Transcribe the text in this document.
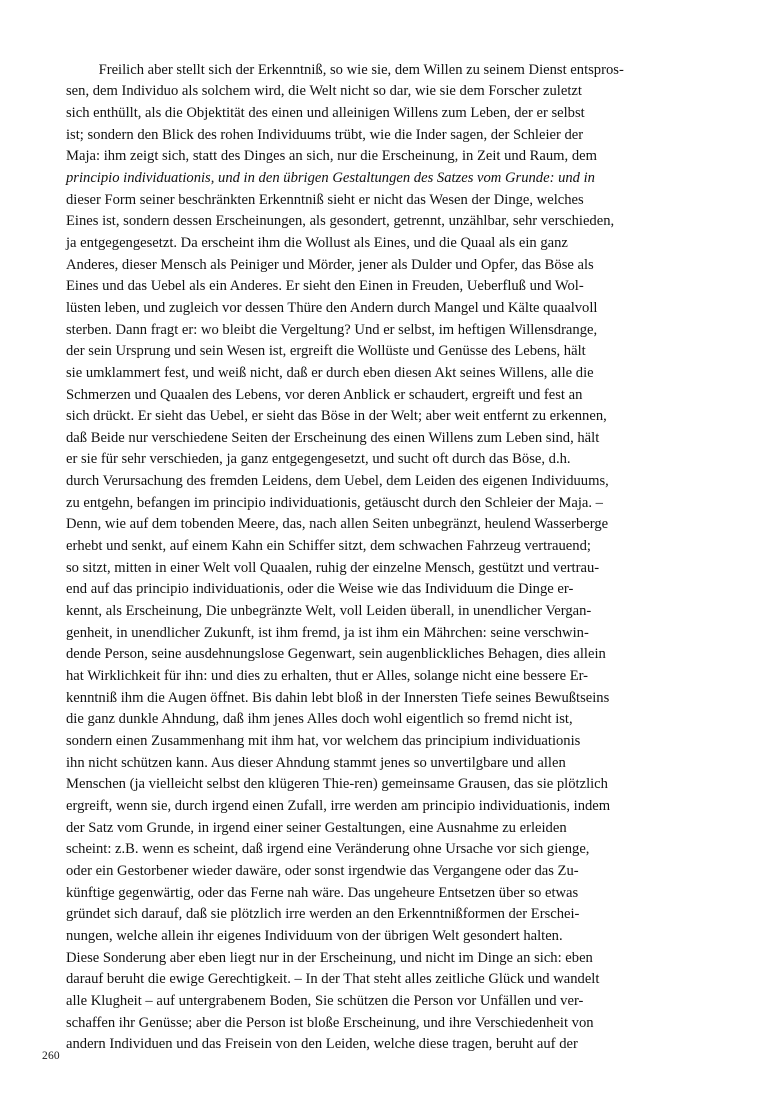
Freilich aber stellt sich der Erkenntniß, so wie sie, dem Willen zu seinem Dienst entspros-
sen, dem Individuo als solchem wird, die Welt nicht so dar, wie sie dem Forscher zuletzt
sich enthüllt, als die Objektität des einen und alleinigen Willens zum Leben, der er selbst
ist; sondern den Blick des rohen Individuums trübt, wie die Inder sagen, der Schleier der
Maja: ihm zeigt sich, statt des Dinges an sich, nur die Erscheinung, in Zeit und Raum, dem
principio individuationis, und in den übrigen Gestaltungen des Satzes vom Grunde: und in
dieser Form seiner beschränkten Erkenntniß sieht er nicht das Wesen der Dinge, welches
Eines ist, sondern dessen Erscheinungen, als gesondert, getrennt, unzählbar, sehr verschieden,
ja entgegengesetzt. Da erscheint ihm die Wollust als Eines, und die Quaal als ein ganz
Anderes, dieser Mensch als Peiniger und Mörder, jener als Dulder und Opfer, das Böse als
Eines und das Uebel als ein Anderes. Er sieht den Einen in Freuden, Ueberfluß und Wol-
lüsten leben, und zugleich vor dessen Thüre den Andern durch Mangel und Kälte quaalvoll
sterben. Dann fragt er: wo bleibt die Vergeltung? Und er selbst, im heftigen Willensdrange,
der sein Ursprung und sein Wesen ist, ergreift die Wollüste und Genüsse des Lebens, hält
sie umklammert fest, und weiß nicht, daß er durch eben diesen Akt seines Willens, alle die
Schmerzen und Quaalen des Lebens, vor deren Anblick er schaudert, ergreift und fest an
sich drückt. Er sieht das Uebel, er sieht das Böse in der Welt; aber weit entfernt zu erkennen,
daß Beide nur verschiedene Seiten der Erscheinung des einen Willens zum Leben sind, hält
er sie für sehr verschieden, ja ganz entgegengesetzt, und sucht oft durch das Böse, d.h.
durch Verursachung des fremden Leidens, dem Uebel, dem Leiden des eigenen Individuums,
zu entgehn, befangen im principio individuationis, getäuscht durch den Schleier der Maja. –
Denn, wie auf dem tobenden Meere, das, nach allen Seiten unbegränzt, heulend Wasserberge
erhebt und senkt, auf einem Kahn ein Schiffer sitzt, dem schwachen Fahrzeug vertrauend;
so sitzt, mitten in einer Welt voll Quaalen, ruhig der einzelne Mensch, gestützt und vertrau-
end auf das principio individuationis, oder die Weise wie das Individuum die Dinge er-
kennt, als Erscheinung, Die unbegränzte Welt, voll Leiden überall, in unendlicher Vergan-
genheit, in unendlicher Zukunft, ist ihm fremd, ja ist ihm ein Mährchen: seine verschwin-
dende Person, seine ausdehnungslose Gegenwart, sein augenblickliches Behagen, dies allein
hat Wirklichkeit für ihn: und dies zu erhalten, thut er Alles, solange nicht eine bessere Er-
kenntniß ihm die Augen öffnet. Bis dahin lebt bloß in der Innersten Tiefe seines Bewußtseins
die ganz dunkle Ahndung, daß ihm jenes Alles doch wohl eigentlich so fremd nicht ist,
sondern einen Zusammenhang mit ihm hat, vor welchem das principium individuationis
ihn nicht schützen kann. Aus dieser Ahndung stammt jenes so unvertilgbare und allen
Menschen (ja vielleicht selbst den klügeren Thie-ren) gemeinsame Grausen, das sie plötzlich
ergreift, wenn sie, durch irgend einen Zufall, irre werden am principio individuationis, indem
der Satz vom Grunde, in irgend einer seiner Gestaltungen, eine Ausnahme zu erleiden
scheint: z.B. wenn es scheint, daß irgend eine Veränderung ohne Ursache vor sich gienge,
oder ein Gestorbener wieder dawäre, oder sonst irgendwie das Vergangene oder das Zu-
künftige gegenwärtig, oder das Ferne nah wäre. Das ungeheure Entsetzen über so etwas
gründet sich darauf, daß sie plötzlich irre werden an den Erkenntnißformen der Erschei-
nungen, welche allein ihr eigenes Individuum von der übrigen Welt gesondert halten.
Diese Sonderung aber eben liegt nur in der Erscheinung, und nicht im Dinge an sich: eben
darauf beruht die ewige Gerechtigkeit. – In der That steht alles zeitliche Glück und wandelt
alle Klugheit – auf untergrabenem Boden, Sie schützen die Person vor Unfällen und ver-
schaffen ihr Genüsse; aber die Person ist bloße Erscheinung, und ihre Verschiedenheit von
andern Individuen und das Freisein von den Leiden, welche diese tragen, beruht auf der

260
